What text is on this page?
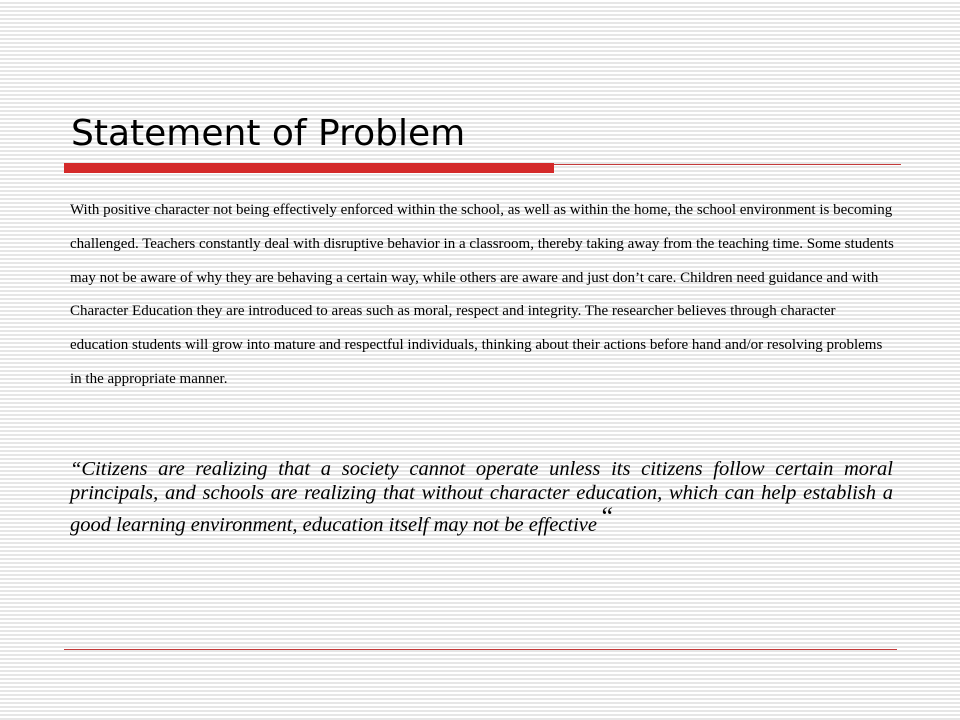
Statement of Problem

With positive character not being effectively enforced within the school, as well as within the home, the school environment is becoming challenged. Teachers constantly deal with disruptive behavior in a classroom, thereby taking away from the teaching time. Some students may not be aware of why they are behaving a certain way, while others are aware and just don’t care. Children need guidance and with Character Education they are introduced to areas such as moral, respect and integrity. The researcher believes through character education students will grow into mature and respectful individuals, thinking about their actions before hand and/or resolving problems in the appropriate manner.

“Citizens are realizing that a society cannot operate unless its citizens follow certain moral principals, and schools are realizing that without character education, which can help establish a good learning environment, education itself may not be effective“
